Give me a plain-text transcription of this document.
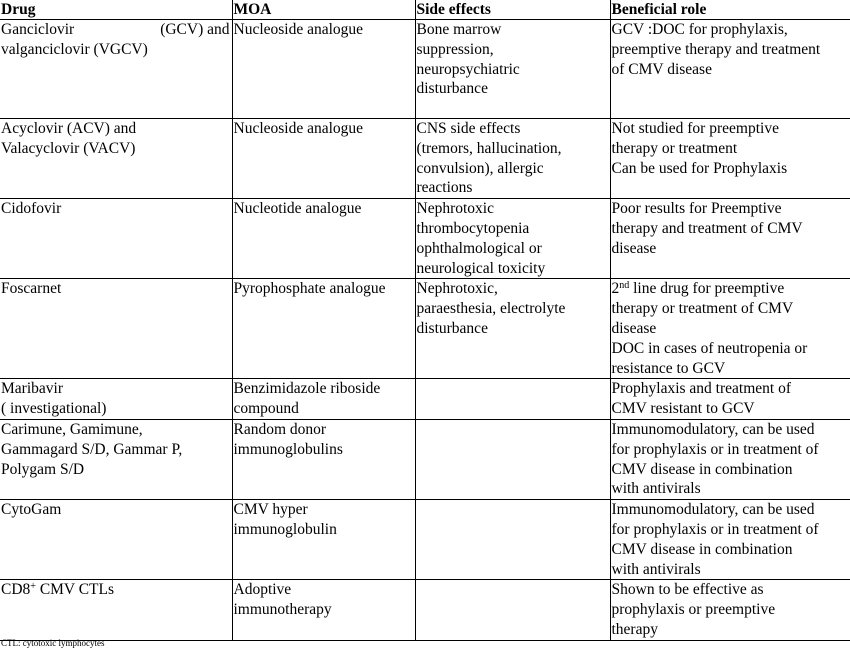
Drug	MOA	Side effects	Beneficial role

Ganciclovir (GCV) and
valganciclovir (VGCV)	Nucleoside analogue	Bone marrow
suppression,
neuropsychiatric
disturbance	GCV :DOC for prophylaxis,
preemptive therapy and treatment
of CMV disease

Acyclovir (ACV) and
Valacyclovir (VACV)	Nucleoside analogue	CNS side effects
(tremors, hallucination,
convulsion), allergic
reactions	Not studied for preemptive
therapy or treatment
Can be used for Prophylaxis

Cidofovir	Nucleotide analogue	Nephrotoxic
thrombocytopenia
ophthalmological or
neurological toxicity	Poor results for Preemptive
therapy and treatment of CMV
disease

Foscarnet	Pyrophosphate analogue	Nephrotoxic,
paraesthesia, electrolyte
disturbance	2nd line drug for preemptive
therapy or treatment of CMV
disease
DOC in cases of neutropenia or
resistance to GCV

Maribavir
( investigational)	Benzimidazole riboside
compound		Prophylaxis and treatment of
CMV resistant to GCV

Carimune, Gamimune,
Gammagard S/D, Gammar P,
Polygam S/D	Random donor
immunoglobulins		Immunomodulatory, can be used
for prophylaxis or in treatment of
CMV disease in combination
with antivirals

CytoGam	CMV hyper
immunoglobulin		Immunomodulatory, can be used
for prophylaxis or in treatment of
CMV disease in combination
with antivirals

CD8+ CMV CTLs	Adoptive
immunotherapy		Shown to be effective as
prophylaxis or preemptive
therapy
CTL: cytotoxic lymphocytes
